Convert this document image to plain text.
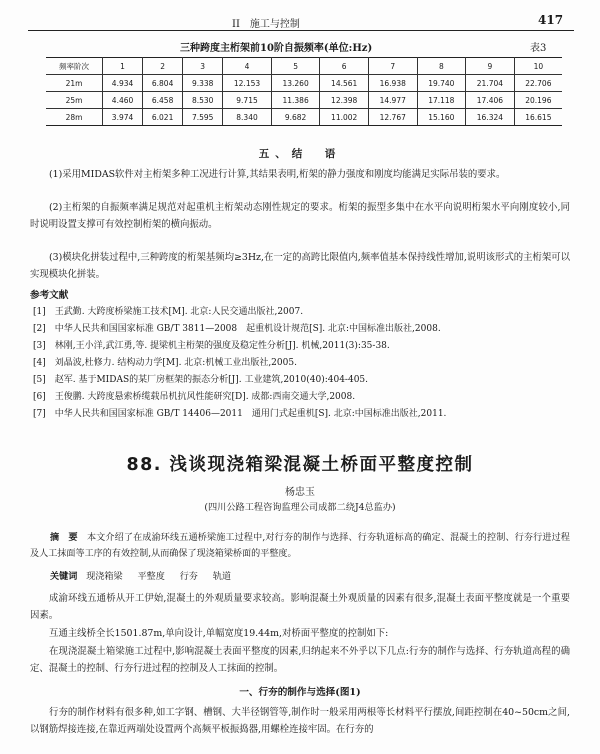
II　施工与控制	417
三种跨度主桁架前10阶自振频率(单位:Hz)	表3
频率阶次	1	2	3	4	5	6	7	8	9	10
21m	4.934	6.804	9.338	12.153	13.260	14.561	16.938	19.740	21.704	22.706
25m	4.460	6.458	8.530	9.715	11.386	12.398	14.977	17.118	17.406	20.196
28m	3.974	6.021	7.595	8.340	9.682	11.002	12.767	15.160	16.324	16.615
五、结　语
(1)采用MIDAS软件对主桁架多种工况进行计算,其结果表明,桁架的静力强度和刚度均能满足实际吊装的要求。
(2)主桁架的自振频率满足规范对起重机主桁架动态刚性规定的要求。桁架的振型多集中在水平向说明桁架水平向刚度较小,同时说明设置支撑可有效控制桁架的横向振动。
(3)模块化拼装过程中,三种跨度的桁架基频均≥3Hz,在一定的高跨比限值内,频率值基本保持线性增加,说明该形式的主桁架可以实现模块化拼装。
参考文献
[1]　王武勤. 大跨度桥梁施工技术[M]. 北京:人民交通出版社,2007.
[2]　中华人民共和国国家标准 GB/T 3811—2008　起重机设计规范[S]. 北京:中国标准出版社,2008.
[3]　林刚,王小洋,武江勇,等. 提梁机主桁架的强度及稳定性分析[J]. 机械,2011(3):35-38.
[4]　刘晶波,杜修力. 结构动力学[M]. 北京:机械工业出版社,2005.
[5]　赵军. 基于MIDAS的某厂房框架的振态分析[J]. 工业建筑,2010(40):404-405.
[6]　王俊鹏. 大跨度悬索桥缆载吊机抗风性能研究[D]. 成都:西南交通大学,2008.
[7]　中华人民共和国国家标准 GB/T 14406—2011　通用门式起重机[S]. 北京:中国标准出版社,2011.
88. 浅谈现浇箱梁混凝土桥面平整度控制
杨忠玉
(四川公路工程咨询监理公司成都二绕J4总监办)
摘　要　 本文介绍了在成渝环线五通桥梁施工过程中,对行夯的制作与选择、行夯轨道标高的确定、混凝土的控制、行夯行进过程及人工抹面等工序的有效控制,从而确保了现浇箱梁桥面的平整度。
关键词 现浇箱梁 平整度 行夯 轨道
成渝环线五通桥从开工伊始,混凝土的外观质量要求较高。影响混凝土外观质量的因素有很多,混凝土表面平整度就是一个重要因素。
互通主线桥全长1501.87m,单向设计,单幅宽度19.44m,对桥面平整度的控制如下:
在现浇混凝土箱梁施工过程中,影响混凝土表面平整度的因素,归纳起来不外乎以下几点:行夯的制作与选择、行夯轨道高程的确定、混凝土的控制、行夯行进过程的控制及人工抹面的控制。
一、行夯的制作与选择(图1)
行夯的制作材料有很多种,如工字钢、槽钢、大半径钢管等,制作时一般采用两根等长材料平行摆放,间距控制在40~50cm之间,以钢筋焊接连接,在靠近两端处设置两个高频平板振捣器,用螺栓连接牢固。在行夯的
